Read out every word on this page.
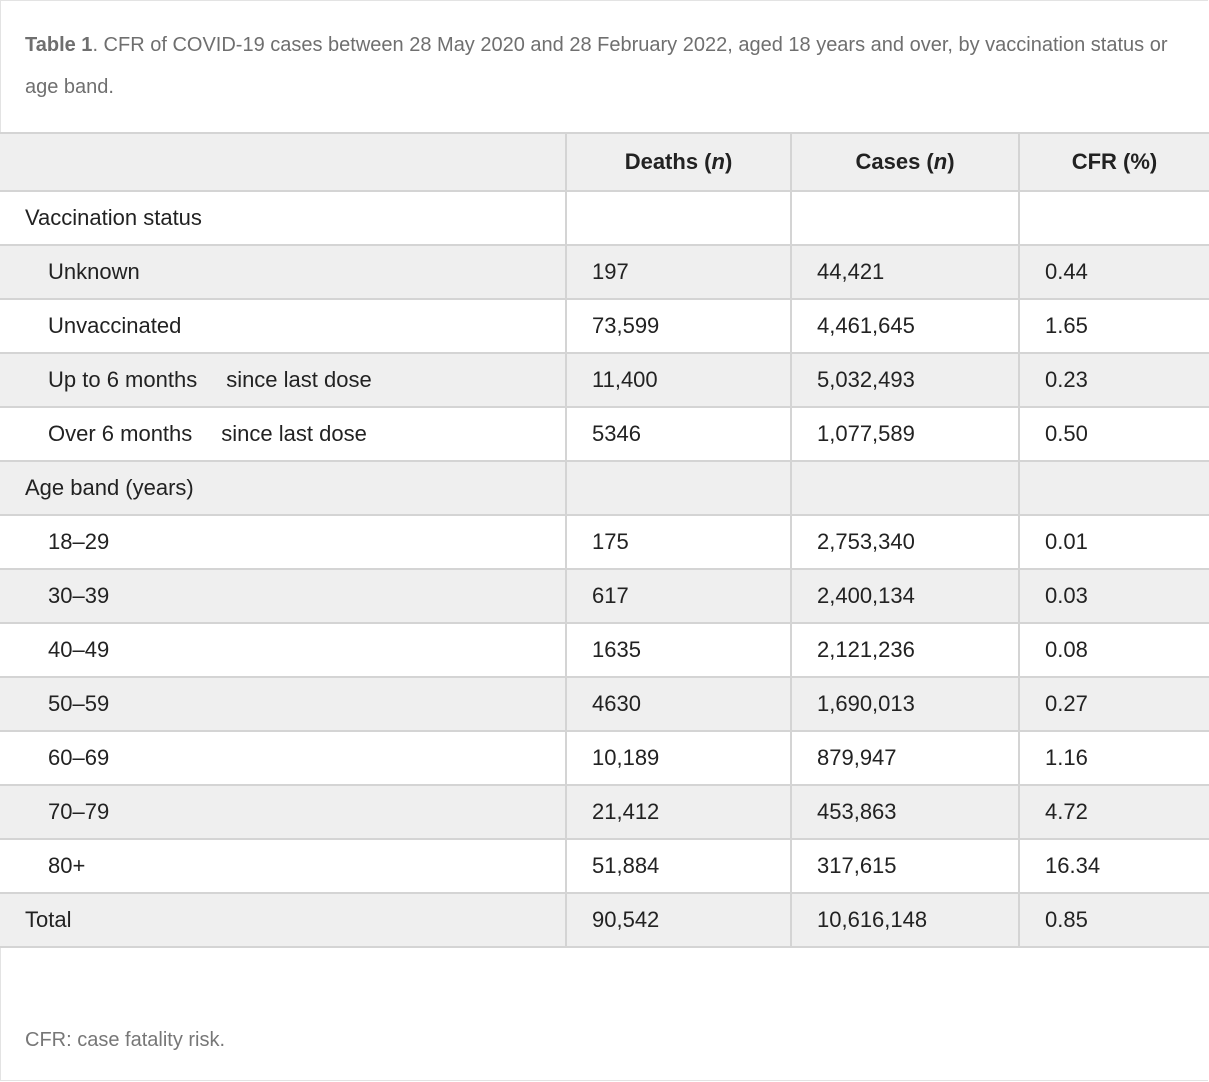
Table 1. CFR of COVID-19 cases between 28 May 2020 and 28 February 2022, aged 18 years and over, by vaccination status or age band.
	Deaths (n)	Cases (n)	CFR (%)
Vaccination status			
Unknown	197	44,421	0.44
Unvaccinated	73,599	4,461,645	1.65
Up to 6 months since last dose	11,400	5,032,493	0.23
Over 6 months since last dose	5346	1,077,589	0.50
Age band (years)			
18–29	175	2,753,340	0.01
30–39	617	2,400,134	0.03
40–49	1635	2,121,236	0.08
50–59	4630	1,690,013	0.27
60–69	10,189	879,947	1.16
70–79	21,412	453,863	4.72
80+	51,884	317,615	16.34
Total	90,542	10,616,148	0.85
CFR: case fatality risk.
